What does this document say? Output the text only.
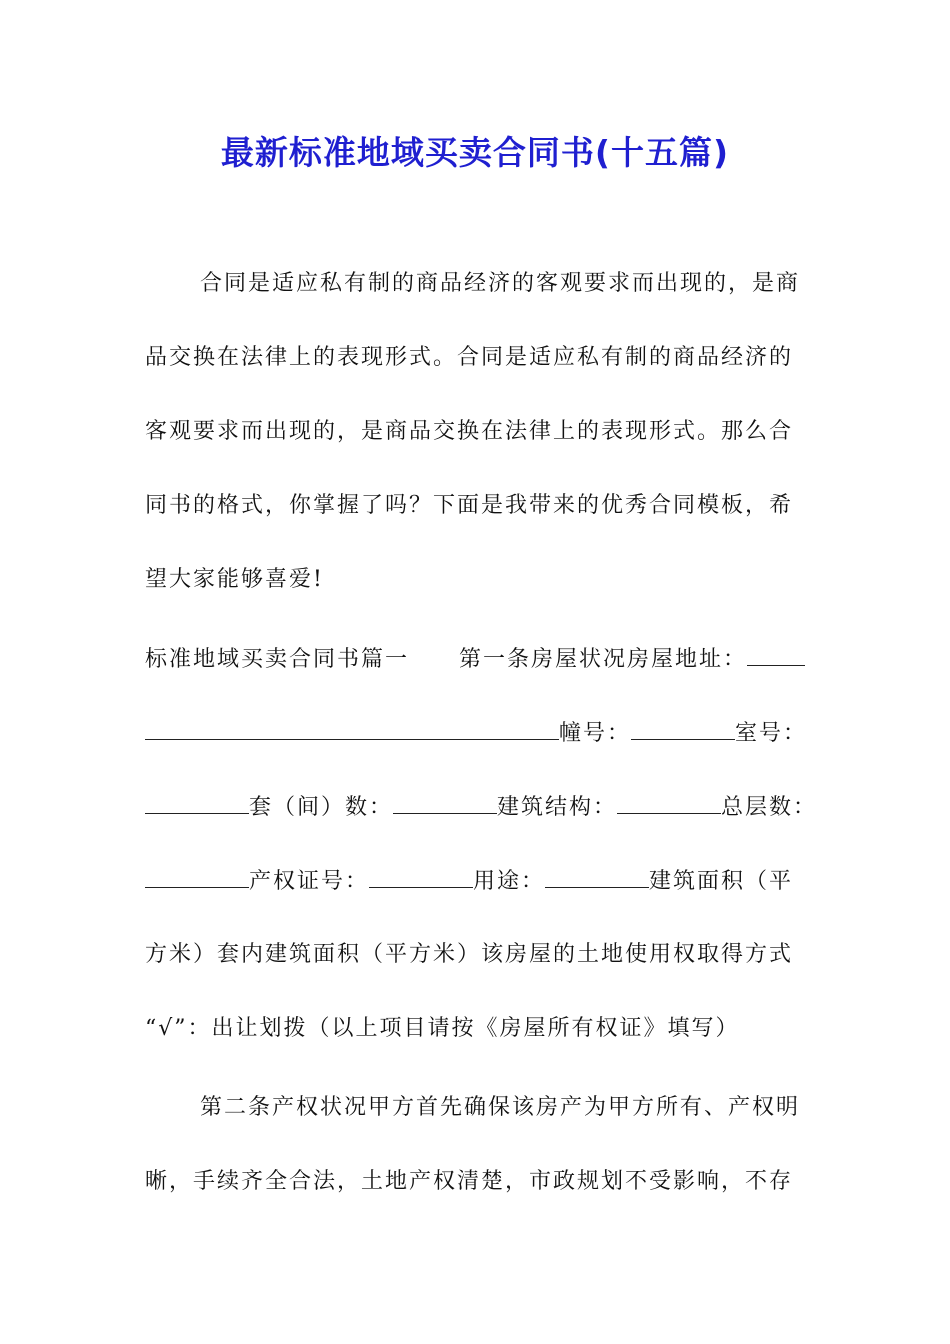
最新标准地域买卖合同书(十五篇)
合同是适应私有制的商品经济的客观要求而出现的，是商
品交换在法律上的表现形式。合同是适应私有制的商品经济的
客观要求而出现的，是商品交换在法律上的表现形式。那么合
同书的格式，你掌握了吗？下面是我带来的优秀合同模板，希
望大家能够喜爱!
标准地域买卖合同书篇一 第一条房屋状况房屋地址：
幢号：	室号：
套（间）数：	建筑结构：	总层数：
产权证号：	用途：	建筑面积（平
方米）套内建筑面积（平方米）该房屋的土地使用权取得方式
“√”：出让划拨（以上项目请按《房屋所有权证》填写）
第二条产权状况甲方首先确保该房产为甲方所有、产权明
晰，手续齐全合法，土地产权清楚，市政规划不受影响，不存
